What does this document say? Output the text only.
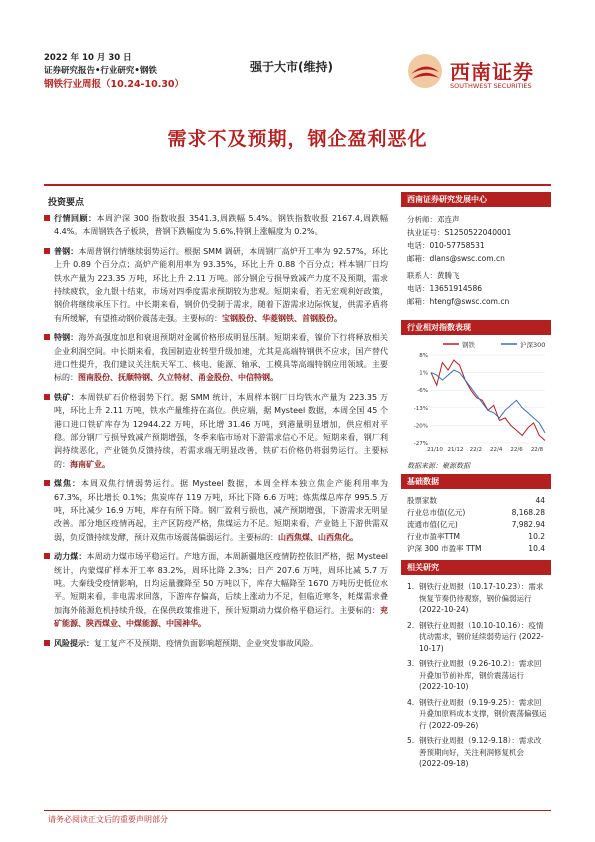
2022 年 10 月 30 日
证券研究报告•行业研究•钢铁
钢铁行业周报（10.24-10.30）
强于大市(维持)	西南证券
SOUTHWEST SECURITIES
需求不及预期，钢企盈利恶化
投资要点
行情回顾：本周沪深 300 指数收报 3541.3,周跌幅 5.4%。钢铁指数收报 2167.4,周跌幅 4.4%。本周钢铁各子板块，普钢下跌幅度为 5.6%,特钢上涨幅度为 0.2%。
普钢：本周普钢行情继续弱势运行。根据 SMM 调研，本周钢厂高炉开工率为 92.57%，环比上升 0.89 个百分点；高炉产能利用率为 93.35%，环比上升 0.88 个百分点；样本钢厂日均铁水产量为 223.35 万吨，环比上升 2.11 万吨。部分钢企亏损导致减产力度不及预期，需求持续疲软，金九银十结束，市场对四季度需求预期较为悲观。短期来看，若无宏观利好政策，钢价将继续承压下行。中长期来看，钢价仍受制于需求，随着下游需求边际恢复，供需矛盾将有所缓解，有望推动钢价震荡走强。主要标的：宝钢股份、华菱钢铁、首钢股份。
特钢：海外高强度加息和衰退预期对金属价格形成明显压制。短期来看，镍价下行将释放相关企业利润空间。中长期来看，我国制造业转型升级加速，尤其是高端特钢供不应求，国产替代进口性提升，我们建议关注航天军工、核电、能源、轴承、工模具等高端特钢应用领域。主要标的：图南股份、抚顺特钢、久立特材、甬金股份、中信特钢。
铁矿：本周铁矿石价格弱势下行。据 SMM 统计，本周样本钢厂日均铁水产量为 223.35 万吨，环比上升 2.11 万吨，铁水产量维持在高位。供应端，据 Mysteel 数据，本周全国 45 个港口进口铁矿库存为 12944.22 万吨，环比增 31.46 万吨，到港量明显增加，供应相对平稳。部分钢厂亏损导致减产预期增强，冬季来临市场对下游需求信心不足。短期来看，钢厂利润持续恶化，产业链负反馈持续，若需求端无明显改善，铁矿石价格仍将弱势运行。主要标的：海南矿业。
煤焦：本周双焦行情弱势运行。据 Mysteel 数据，本周全样本独立焦企产能利用率为 67.3%，环比增长 0.1%；焦炭库存 119 万吨，环比下降 6.6 万吨；炼焦煤总库存 995.5 万吨，环比减少 16.9 万吨，库存有所下降。钢厂盈利亏损也，减产预期增强，下游需求无明显改善。部分地区疫情再起，主产区防疫严格，焦煤运力不足。短期来看，产业链上下游供需双弱，负反馈持续发酵，预计双焦市场震荡偏弱运行。主要标的：山西焦煤、山西焦化。
动力煤：本周动力煤市场平稳运行。产地方面，本周新疆地区疫情防控依旧严格，据 Mysteel 统计，内蒙煤矿样本开工率 83.2%，周环比降 2.3%；日产 207.6 万吨，周环比减 5.7 万吨。大秦线受疫情影响，日均运量骤降至 50 万吨以下，库存大幅降至 1670 万吨历史低位水平。短期来看，非电需求回落，下游库存偏高，后续上涨动力不足，但临近寒冬，耗煤需求叠加海外能源危机持续升级，在保供政策推进下，预计短期动力煤价格平稳运行。主要标的：兖矿能源、陕西煤业、中煤能源、中国神华。
风险提示：复工复产不及预期、疫情负面影响超预期、企业突发事故风险。
西南证券研究发展中心
分析师：邓连声
执业证号：S1250522040001
电话：010-57758531
邮箱：dlans@swsc.com.cn
联系人：黄腾飞
电话：13651914586
邮箱：htengf@swsc.com.cn
行业相对指数表现
钢铁	沪深300
8%
1%
-6%
-13%
-20%
-27%
21/10 21/12 22/2 22/4 22/6 22/8
数据来源：聚源数据
基础数据
股票家数	44
行业总市值(亿元)	8,168.28
流通市值(亿元)	7,982.94
行业市盈率TTM	10.2
沪深 300 市盈率 TTM	10.4
相关研究
1. 钢铁行业周报（10.17-10.23）：需求恢复节奏仍待观察，钢价偏弱运行 (2022-10-24)
2. 钢铁行业周报（10.10-10.16）：疫情扰动需求，钢价延续弱势运行 (2022-10-17)
3. 钢铁行业周报（9.26-10.2）：需求回升叠加节前补库，钢价震荡运行 (2022-10-10)
4. 钢铁行业周报（9.19-9.25）：需求回升叠加原料成本支撑，钢价震荡偏强运行 (2022-09-26)
5. 钢铁行业周报（9.12-9.18）：需求改善预期向好，关注利润修复机会 (2022-09-18)
请务必阅读正文后的重要声明部分
